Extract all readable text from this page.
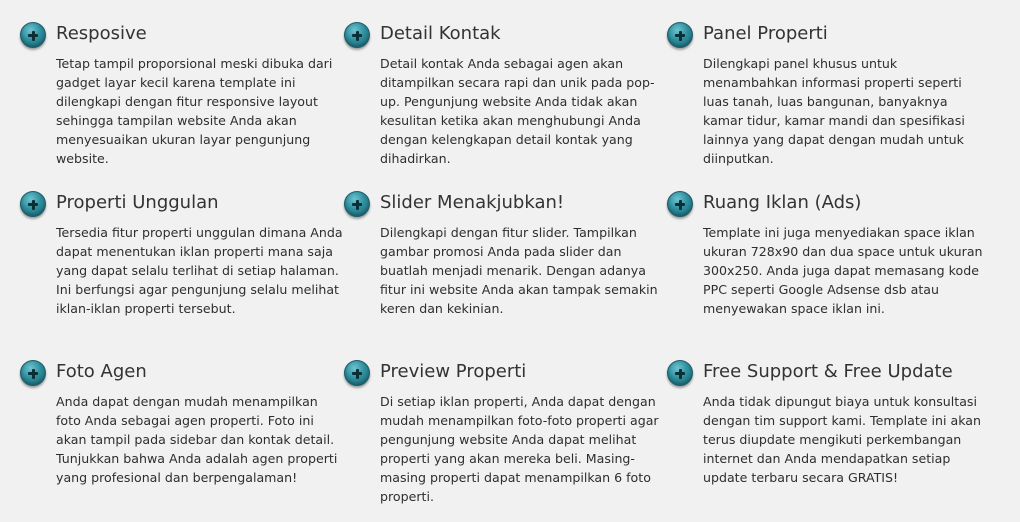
Resposive
Tetap tampil proporsional meski dibuka dari gadget layar kecil karena template ini dilengkapi dengan fitur responsive layout sehingga tampilan website Anda akan menyesuaikan ukuran layar pengunjung website.
Detail Kontak
Detail kontak Anda sebagai agen akan ditampilkan secara rapi dan unik pada pop-up. Pengunjung website Anda tidak akan kesulitan ketika akan menghubungi Anda dengan kelengkapan detail kontak yang dihadirkan.
Panel Properti
Dilengkapi panel khusus untuk menambahkan informasi properti seperti luas tanah, luas bangunan, banyaknya kamar tidur, kamar mandi dan spesifikasi lainnya yang dapat dengan mudah untuk diinputkan.
Properti Unggulan
Tersedia fitur properti unggulan dimana Anda dapat menentukan iklan properti mana saja yang dapat selalu terlihat di setiap halaman. Ini berfungsi agar pengunjung selalu melihat iklan-iklan properti tersebut.
Slider Menakjubkan!
Dilengkapi dengan fitur slider. Tampilkan gambar promosi Anda pada slider dan buatlah menjadi menarik. Dengan adanya fitur ini website Anda akan tampak semakin keren dan kekinian.
Ruang Iklan (Ads)
Template ini juga menyediakan space iklan ukuran 728x90 dan dua space untuk ukuran 300x250. Anda juga dapat memasang kode PPC seperti Google Adsense dsb atau menyewakan space iklan ini.
Foto Agen
Anda dapat dengan mudah menampilkan foto Anda sebagai agen properti. Foto ini akan tampil pada sidebar dan kontak detail. Tunjukkan bahwa Anda adalah agen properti yang profesional dan berpengalaman!
Preview Properti
Di setiap iklan properti, Anda dapat dengan mudah menampilkan foto-foto properti agar pengunjung website Anda dapat melihat properti yang akan mereka beli. Masing-masing properti dapat menampilkan 6 foto properti.
Free Support & Free Update
Anda tidak dipungut biaya untuk konsultasi dengan tim support kami. Template ini akan terus diupdate mengikuti perkembangan internet dan Anda mendapatkan setiap update terbaru secara GRATIS!
